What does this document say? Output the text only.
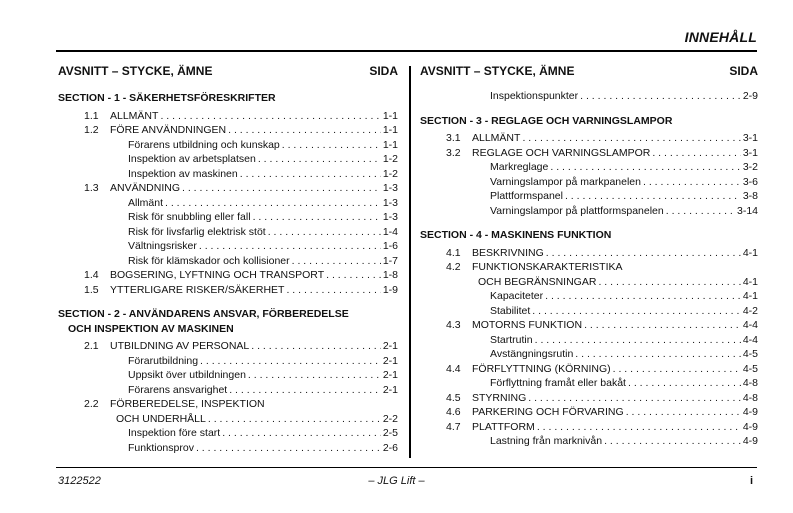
INNEHÅLL
AVSNITT – STYCKE, ÄMNE	SIDA
SECTION - 1 - SÄKERHETSFÖRESKRIFTER
1.1	ALLMÄNT . . .	1-1
1.2	FÖRE ANVÄNDNINGEN . . .	1-1
Förarens utbildning och kunskap . . .	1-1
Inspektion av arbetsplatsen . . .	1-2
Inspektion av maskinen . . .	1-2
1.3	ANVÄNDNING . . .	1-3
Allmänt . . .	1-3
Risk för snubbling eller fall . . .	1-3
Risk för livsfarlig elektrisk stöt . . .	1-4
Vältningsrisker . . .	1-6
Risk för klämskador och kollisioner . . .	1-7
1.4	BOGSERING, LYFTNING OCH TRANSPORT . . .	1-8
1.5	YTTERLIGARE RISKER/SÄKERHET . . .	1-9
SECTION - 2 - ANVÄNDARENS ANSVAR, FÖRBEREDELSE
OCH INSPEKTION AV MASKINEN
2.1	UTBILDNING AV PERSONAL . . .	2-1
Förarutbildning . . .	2-1
Uppsikt över utbildningen . . .	2-1
Förarens ansvarighet . . .	2-1
2.2	FÖRBEREDELSE, INSPEKTION
OCH UNDERHÅLL . . .	2-2
Inspektion före start . . .	2-5
Funktionsprov . . .	2-6
AVSNITT – STYCKE, ÄMNE	SIDA
Inspektionspunkter . . .	2-9
SECTION - 3 - REGLAGE OCH VARNINGSLAMPOR
3.1	ALLMÄNT . . .	3-1
3.2	REGLAGE OCH VARNINGSLAMPOR . . .	3-1
Markreglage . . .	3-2
Varningslampor på markpanelen . . .	3-6
Plattformspanel . . .	3-8
Varningslampor på plattformspanelen . . .	3-14
SECTION - 4 - MASKINENS FUNKTION
4.1	BESKRIVNING . . .	4-1
4.2	FUNKTIONSKARAKTERISTIKA
OCH BEGRÄNSNINGAR . . .	4-1
Kapaciteter . . .	4-1
Stabilitet . . .	4-2
4.3	MOTORNS FUNKTION . . .	4-4
Startrutin . . .	4-4
Avstängningsrutin . . .	4-5
4.4	FÖRFLYTTNING (KÖRNING) . . .	4-5
Förflyttning framåt eller bakåt . . .	4-8
4.5	STYRNING . . .	4-8
4.6	PARKERING OCH FÖRVARING . . .	4-9
4.7	PLATTFORM . . .	4-9
Lastning från marknivån . . .	4-9
3122522	– JLG Lift –	i
